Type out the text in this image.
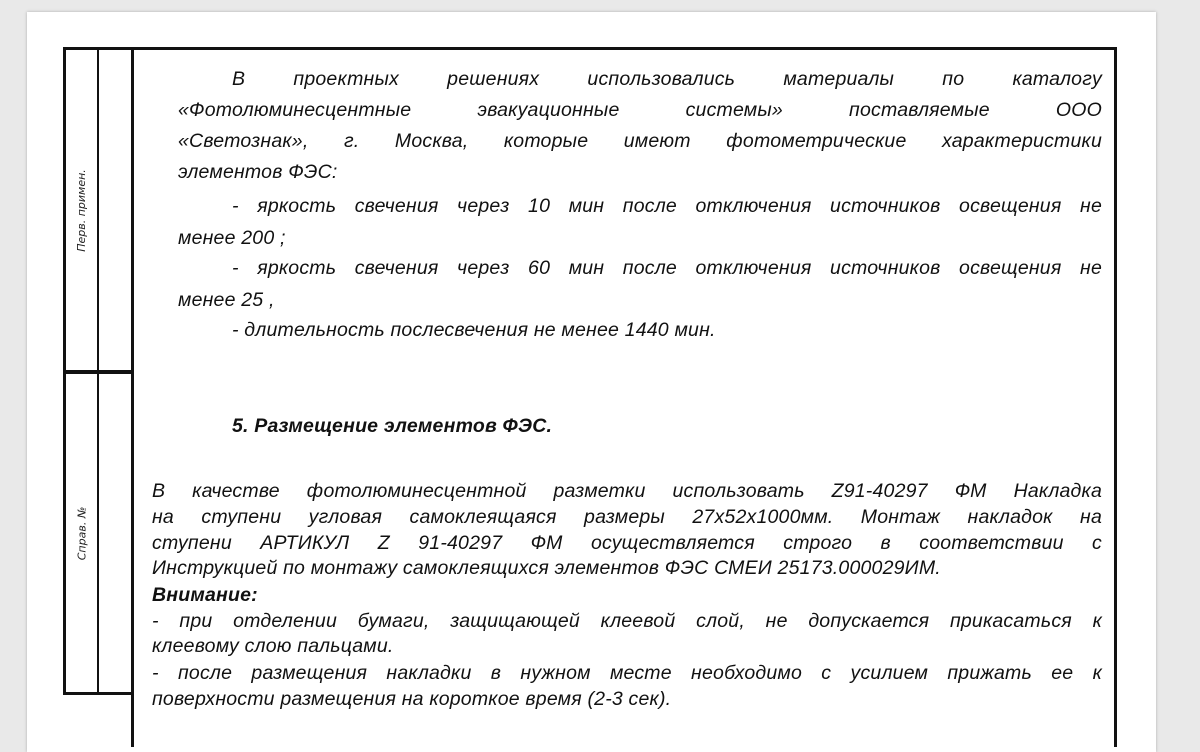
Перв. примен.
Справ. №

В проектных решениях использовались материалы по каталогу

«Фотолюминесцентные эвакуационные системы» поставляемые ООО

«Светознак», г. Москва, которые имеют фотометрические характеристики

элементов ФЭС:

- яркость свечения через 10 мин после отключения источников освещения не

менее 200 ;

- яркость свечения через 60 мин после отключения источников освещения не

менее 25 ,

- длительность послесвечения не менее 1440 мин.

5. Размещение элементов ФЭС.

В качестве фотолюминесцентной разметки использовать Z91-40297 ФМ Накладка

на ступени угловая самоклеящаяся размеры 27х52х1000мм. Монтаж накладок на

ступени АРТИКУЛ Z 91-40297 ФМ осуществляется строго в соответствии с

Инструкцией по монтажу самоклеящихся элементов ФЭС СМЕИ 25173.000029ИМ.

Внимание:

- при отделении бумаги, защищающей клеевой слой, не допускается прикасаться к

клеевому слою пальцами.

- после размещения накладки в нужном месте необходимо с усилием прижать ее к

поверхности размещения на короткое время (2-3 сек).
